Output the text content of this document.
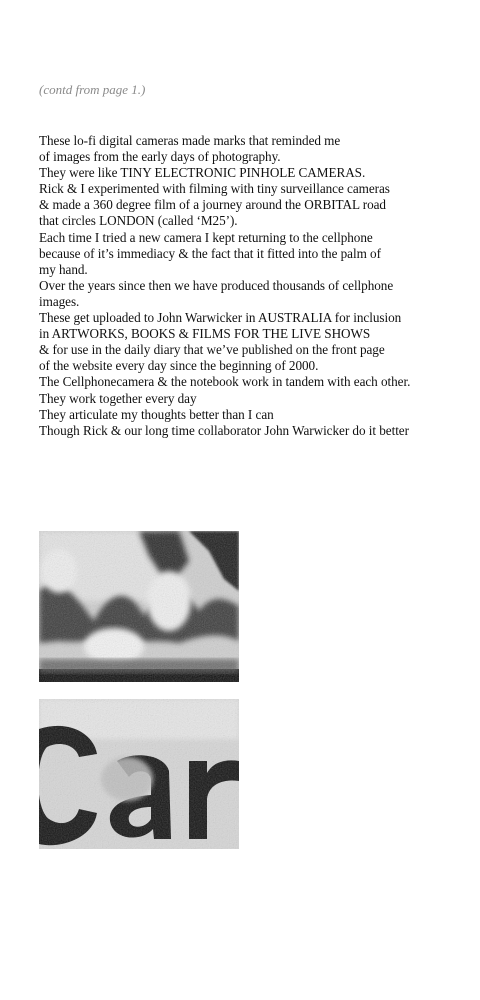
(contd from page 1.)

These lo-fi digital cameras made marks that reminded me
of images from the early days of photography.
They were like TINY ELECTRONIC PINHOLE CAMERAS.
Rick & I experimented with filming with tiny surveillance cameras
& made a 360 degree film of a journey around the ORBITAL road
that circles LONDON (called ‘M25’).
Each time I tried a new camera I kept returning to the cellphone
because of it’s immediacy & the fact that it fitted into the palm of
my hand.
Over the years since then we have produced thousands of cellphone
images.
These get uploaded to John Warwicker in AUSTRALIA for inclusion
in ARTWORKS, BOOKS & FILMS FOR THE LIVE SHOWS
& for use in the daily diary that we’ve published on the front page
of the website every day since the beginning of 2000.
The Cellphonecamera & the notebook work in tandem with each other.
They work together every day
They articulate my thoughts better than I can
Though Rick & our long time collaborator John Warwicker do it better
